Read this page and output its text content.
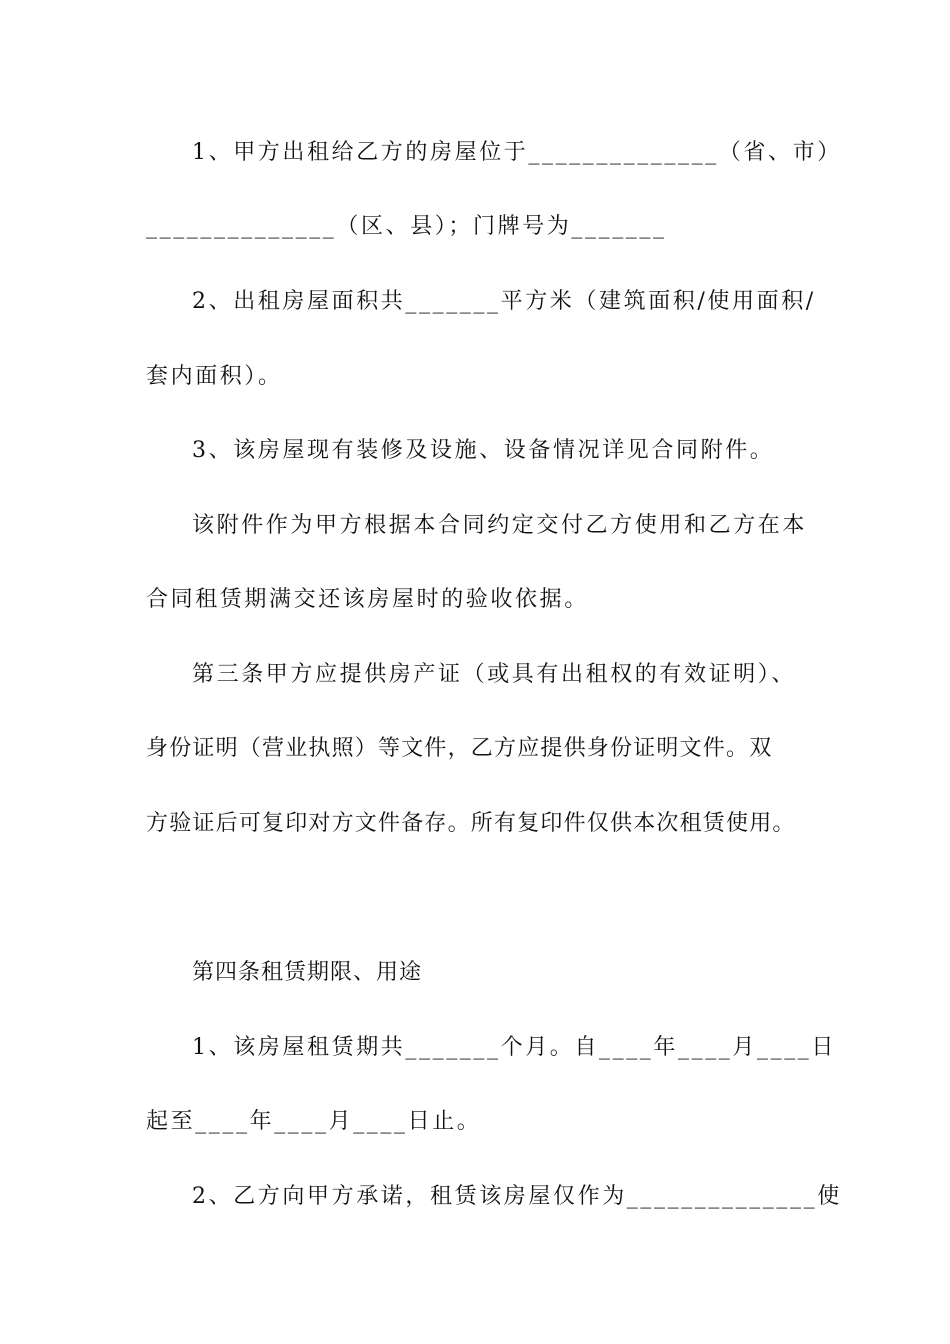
1、甲方出租给乙方的房屋位于______________（省、市）
______________（区、县）；门牌号为_______
2、出租房屋面积共_______平方米（建筑面积/使用面积/
套内面积）。
3、该房屋现有装修及设施、设备情况详见合同附件。
该附件作为甲方根据本合同约定交付乙方使用和乙方在本
合同租赁期满交还该房屋时的验收依据。
第三条甲方应提供房产证（或具有出租权的有效证明）、
身份证明（营业执照）等文件，乙方应提供身份证明文件。双
方验证后可复印对方文件备存。所有复印件仅供本次租赁使用。
第四条租赁期限、用途
1、该房屋租赁期共_______个月。自____年____月____日
起至____年____月____日止。
2、乙方向甲方承诺，租赁该房屋仅作为______________使
